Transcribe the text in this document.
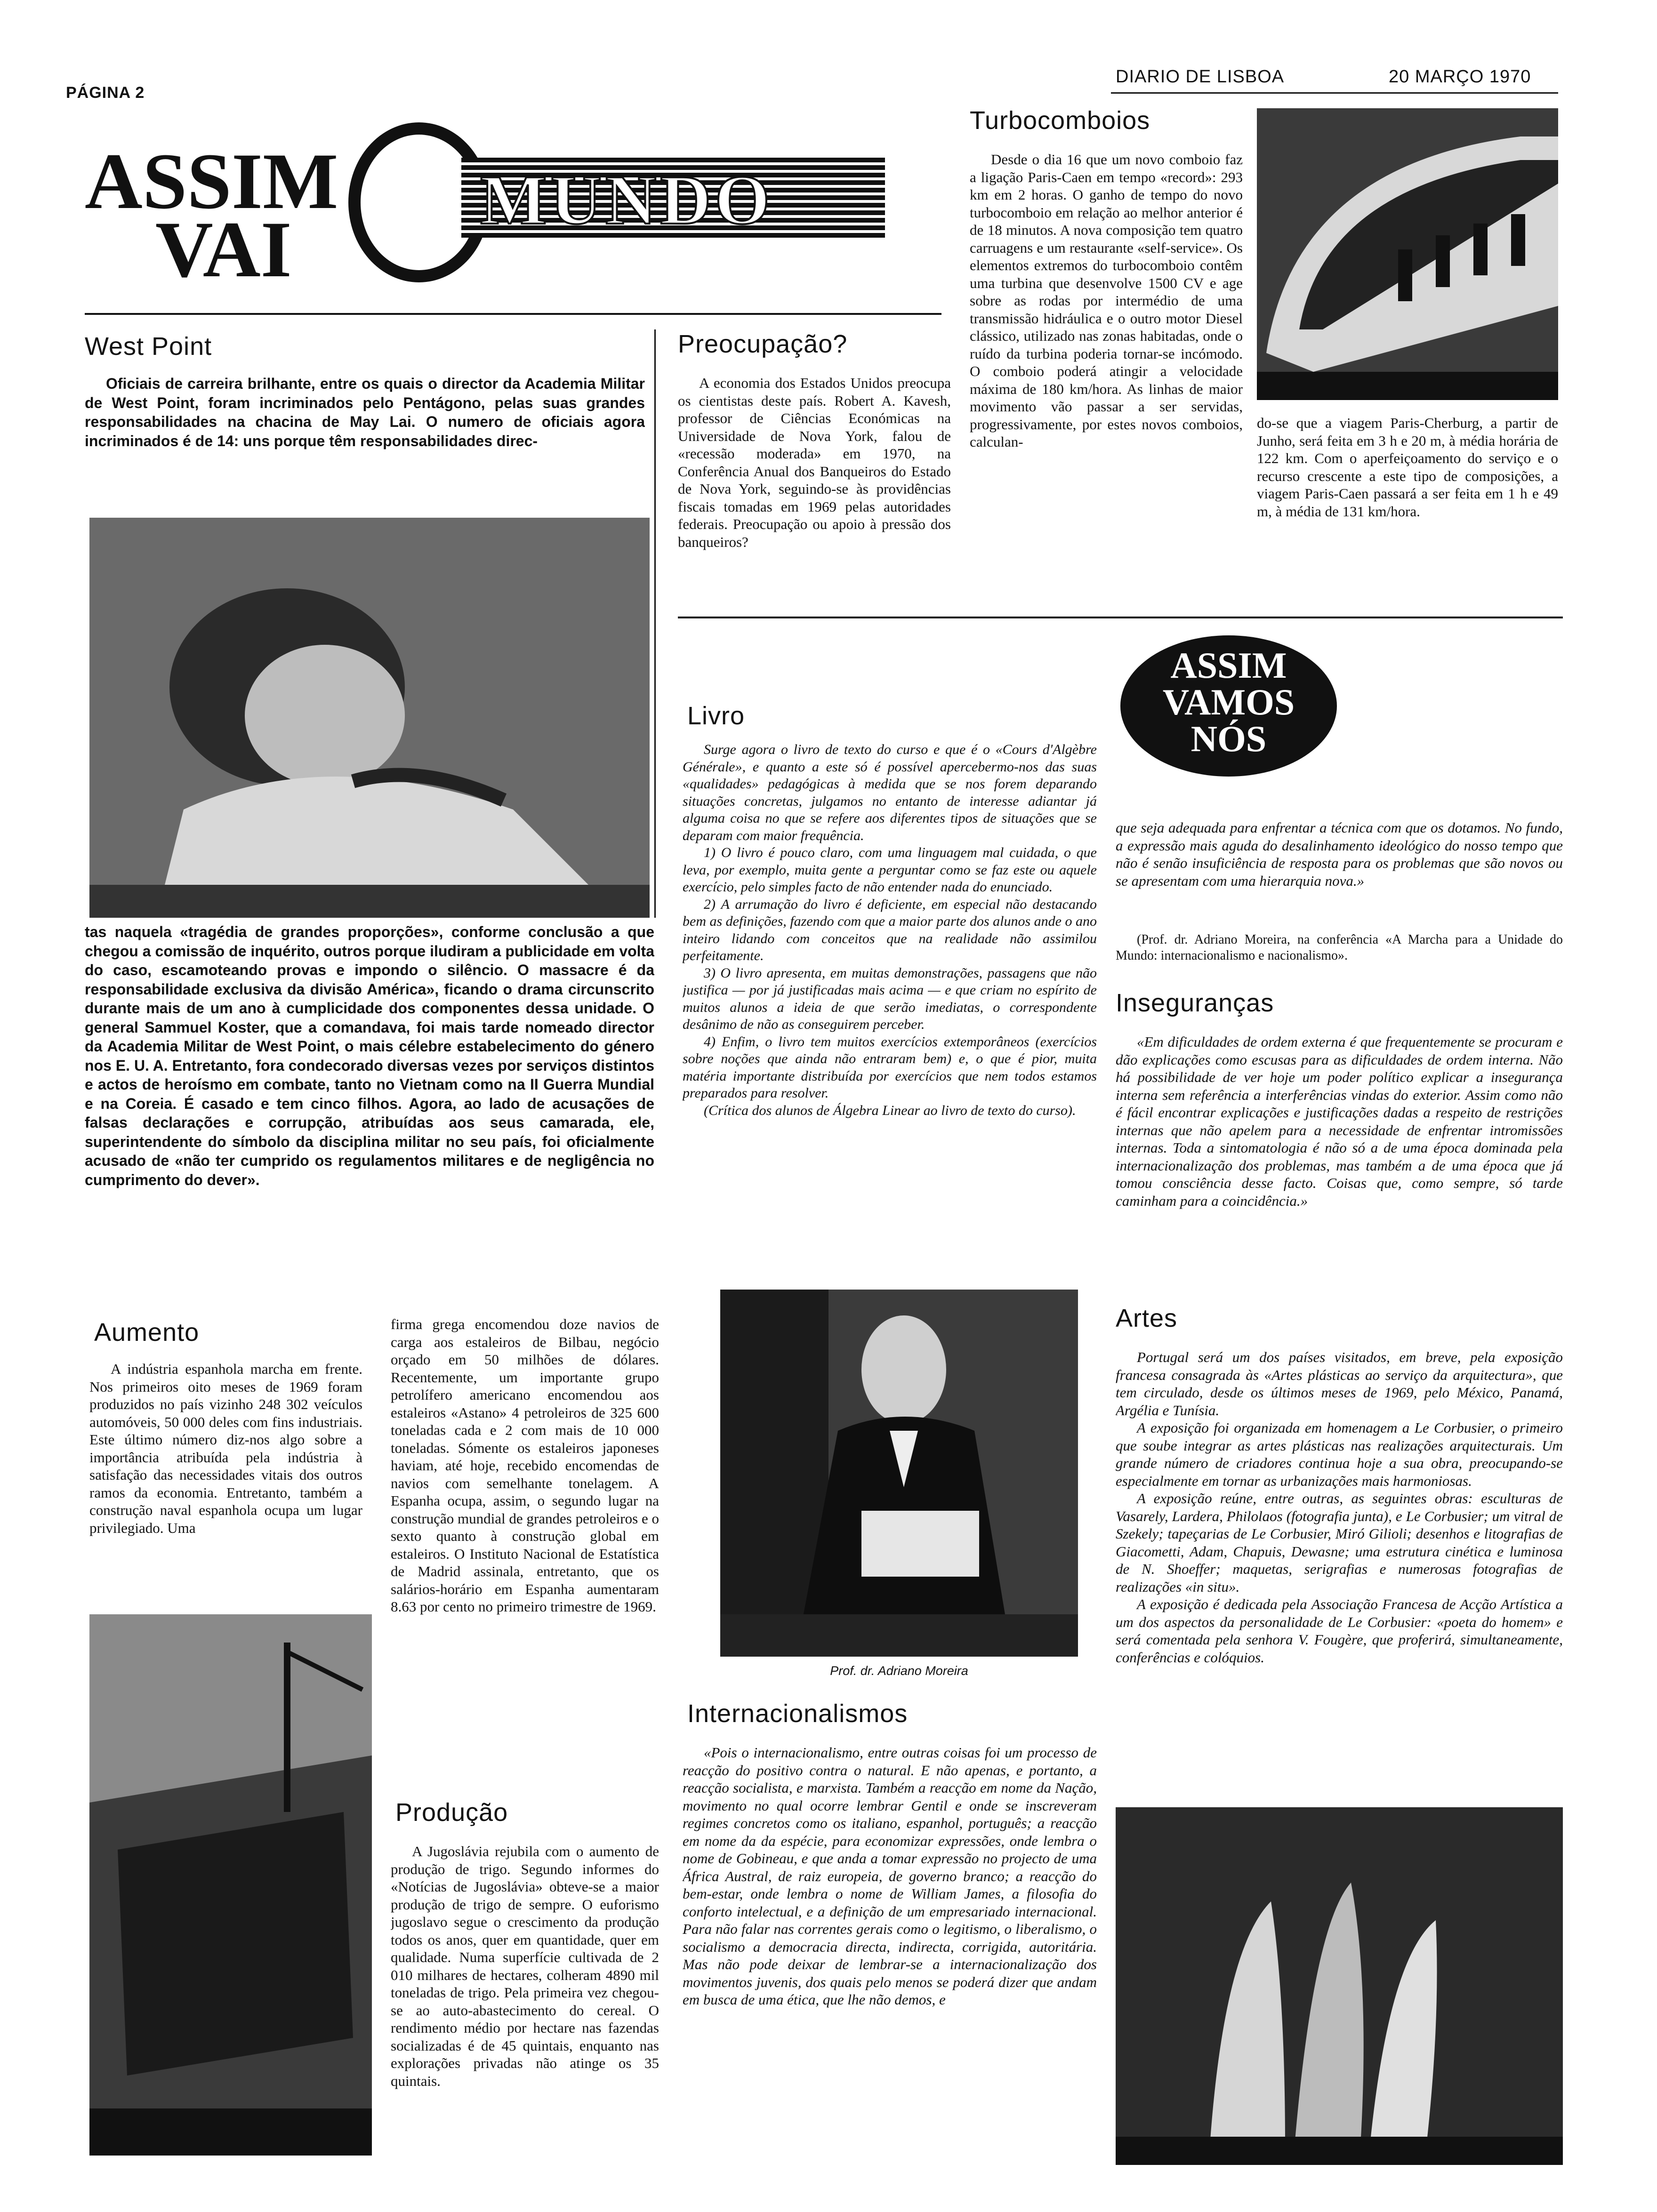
PÁGINA 2
DIARIO DE LISBOA	20 MARÇO 1970
ASSIM
VAI
MUNDO
Turbocomboios

Desde o dia 16 que um novo comboio faz a ligação Paris-Caen em tempo «record»: 293 km em 2 horas. O ganho de tempo do novo turbocomboio em relação ao melhor anterior é de 18 minutos. A nova composição tem quatro carruagens e um restaurante «self-service». Os elementos extremos do turbocomboio contêm uma turbina que desenvolve 1500 CV e age sobre as rodas por intermédio de uma transmissão hidráulica e o outro motor Diesel clássico, utilizado nas zonas habitadas, onde o ruído da turbina poderia tornar-se incómodo. O comboio poderá atingir a velocidade máxima de 180 km/hora. As linhas de maior movimento vão passar a ser servidas, progressivamente, por estes novos comboios, calculan-

do-se que a viagem Paris-Cherburg, a partir de Junho, será feita em 3 h e 20 m, à média horária de 122 km. Com o aperfeiçoamento do serviço e o recurso crescente a este tipo de composições, a viagem Paris-Caen passará a ser feita em 1 h e 49 m, à média de 131 km/hora.

West Point

Oficiais de carreira brilhante, entre os quais o director da Academia Militar de West Point, foram incriminados pelo Pentágono, pelas suas grandes responsabilidades na chacina de May Lai. O numero de oficiais agora incriminados é de 14: uns porque têm responsabilidades direc-

tas naquela «tragédia de grandes proporções», conforme conclusão a que chegou a comissão de inquérito, outros porque iludiram a publicidade em volta do caso, escamoteando provas e impondo o silêncio. O massacre é da responsabilidade exclusiva da divisão América», ficando o drama circunscrito durante mais de um ano à cumplicidade dos componentes dessa unidade. O general Sammuel Koster, que a comandava, foi mais tarde nomeado director da Academia Militar de West Point, o mais célebre estabelecimento do género nos E. U. A. Entretanto, fora condecorado diversas vezes por serviços distintos e actos de heroísmo em combate, tanto no Vietnam como na II Guerra Mundial e na Coreia. É casado e tem cinco filhos. Agora, ao lado de acusações de falsas declarações e corrupção, atribuídas aos seus camarada, ele, superintendente do símbolo da disciplina militar no seu país, foi oficialmente acusado de «não ter cumprido os regulamentos militares e de negligência no cumprimento do dever».

Preocupação?

A economia dos Estados Unidos preocupa os cientistas deste país. Robert A. Kavesh, professor de Ciências Económicas na Universidade de Nova York, falou de «recessão moderada» em 1970, na Conferência Anual dos Banqueiros do Estado de Nova York, seguindo-se às providências fiscais tomadas em 1969 pelas autoridades federais. Preocupação ou apoio à pressão dos banqueiros?

ASSIM
VAMOS
NÓS
Livro

Surge agora o livro de texto do curso e que é o «Cours d'Algèbre Générale», e quanto a este só é possível apercebermo-nos das suas «qualidades» pedagógicas à medida que se nos forem deparando situações concretas, julgamos no entanto de interesse adiantar já alguma coisa no que se refere aos diferentes tipos de situações que se deparam com maior frequência.

1) O livro é pouco claro, com uma linguagem mal cuidada, o que leva, por exemplo, muita gente a perguntar como se faz este ou aquele exercício, pelo simples facto de não entender nada do enunciado.

2) A arrumação do livro é deficiente, em especial não destacando bem as definições, fazendo com que a maior parte dos alunos ande o ano inteiro lidando com conceitos que na realidade não assimilou perfeitamente.

3) O livro apresenta, em muitas demonstrações, passagens que não justifica — por já justificadas mais acima — e que criam no espírito de muitos alunos a ideia de que serão imediatas, o correspondente desânimo de não as conseguirem perceber.

4) Enfim, o livro tem muitos exercícios extemporâneos (exercícios sobre noções que ainda não entraram bem) e, o que é pior, muita matéria importante distribuída por exercícios que nem todos estamos preparados para resolver.

(Crítica dos alunos de Álgebra Linear ao livro de texto do curso).

Prof. dr. Adriano Moreira

que seja adequada para enfrentar a técnica com que os dotamos. No fundo, a expressão mais aguda do desalinhamento ideológico do nosso tempo que não é senão insuficiência de resposta para os problemas que são novos ou se apresentam com uma hierarquia nova.»

(Prof. dr. Adriano Moreira, na conferência «A Marcha para a Unidade do Mundo: internacionalismo e nacionalismo».

Inseguranças

«Em dificuldades de ordem externa é que frequentemente se procuram e dão explicações como escusas para as dificuldades de ordem interna. Não há possibilidade de ver hoje um poder político explicar a insegurança interna sem referência a interferências vindas do exterior. Assim como não é fácil encontrar explicações e justificações dadas a respeito de restrições internas que não apelem para a necessidade de enfrentar intromissões internas. Toda a sintomatologia é não só a de uma época dominada pela internacionalização dos problemas, mas também a de uma época que já tomou consciência desse facto. Coisas que, como sempre, só tarde caminham para a coincidência.»

Artes

Portugal será um dos países visitados, em breve, pela exposição francesa consagrada às «Artes plásticas ao serviço da arquitectura», que tem circulado, desde os últimos meses de 1969, pelo México, Panamá, Argélia e Tunísia.

A exposição foi organizada em homenagem a Le Corbusier, o primeiro que soube integrar as artes plásticas nas realizações arquitecturais. Um grande número de criadores continua hoje a sua obra, preocupando-se especialmente em tornar as urbanizações mais harmoniosas.

A exposição reúne, entre outras, as seguintes obras: esculturas de Vasarely, Lardera, Philolaos (fotografia junta), e Le Corbusier; um vitral de Szekely; tapeçarias de Le Corbusier, Miró Gilioli; desenhos e litografias de Giacometti, Adam, Chapuis, Dewasne; uma estrutura cinética e luminosa de N. Shoeffer; maquetas, serigrafias e numerosas fotografias de realizações «in situ».

A exposição é dedicada pela Associação Francesa de Acção Artística a um dos aspectos da personalidade de Le Corbusier: «poeta do homem» e será comentada pela senhora V. Fougère, que proferirá, simultaneamente, conferências e colóquios.

Aumento

A indústria espanhola marcha em frente. Nos primeiros oito meses de 1969 foram produzidos no país vizinho 248 302 veículos automóveis, 50 000 deles com fins industriais. Este último número diz-nos algo sobre a importância atribuída pela indústria à satisfação das necessidades vitais dos outros ramos da economia. Entretanto, também a construção naval espanhola ocupa um lugar privilegiado. Uma

firma grega encomendou doze navios de carga aos estaleiros de Bilbau, negócio orçado em 50 milhões de dólares. Recentemente, um importante grupo petrolífero americano encomendou aos estaleiros «Astano» 4 petroleiros de 325 600 toneladas cada e 2 com mais de 10 000 toneladas. Sómente os estaleiros japoneses haviam, até hoje, recebido encomendas de navios com semelhante tonelagem. A Espanha ocupa, assim, o segundo lugar na construção mundial de grandes petroleiros e o sexto quanto à construção global em estaleiros. O Instituto Nacional de Estatística de Madrid assinala, entretanto, que os salários-horário em Espanha aumentaram 8.63 por cento no primeiro trimestre de 1969.

Produção

A Jugoslávia rejubila com o aumento de produção de trigo. Segundo informes do «Notícias de Jugoslávia» obteve-se a maior produção de trigo de sempre. O euforismo jugoslavo segue o crescimento da produção todos os anos, quer em quantidade, quer em qualidade. Numa superfície cultivada de 2 010 milhares de hectares, colheram 4890 mil toneladas de trigo. Pela primeira vez chegou-se ao auto-abastecimento do cereal. O rendimento médio por hectare nas fazendas socializadas é de 45 quintais, enquanto nas explorações privadas não atinge os 35 quintais.

Internacionalismos

«Pois o internacionalismo, entre outras coisas foi um processo de reacção do positivo contra o natural. E não apenas, e portanto, a reacção socialista, e marxista. Também a reacção em nome da Nação, movimento no qual ocorre lembrar Gentil e onde se inscreveram regimes concretos como os italiano, espanhol, português; a reacção em nome da da espécie, para economizar expressões, onde lembra o nome de Gobineau, e que anda a tomar expressão no projecto de uma África Austral, de raiz europeia, de governo branco; a reacção do bem-estar, onde lembra o nome de William James, a filosofia do conforto intelectual, e a definição de um empresariado internacional. Para não falar nas correntes gerais como o legitismo, o liberalismo, o socialismo a democracia directa, indirecta, corrigida, autoritária. Mas não pode deixar de lembrar-se a internacionalização dos movimentos juvenis, dos quais pelo menos se poderá dizer que andam em busca de uma ética, que lhe não demos, e
